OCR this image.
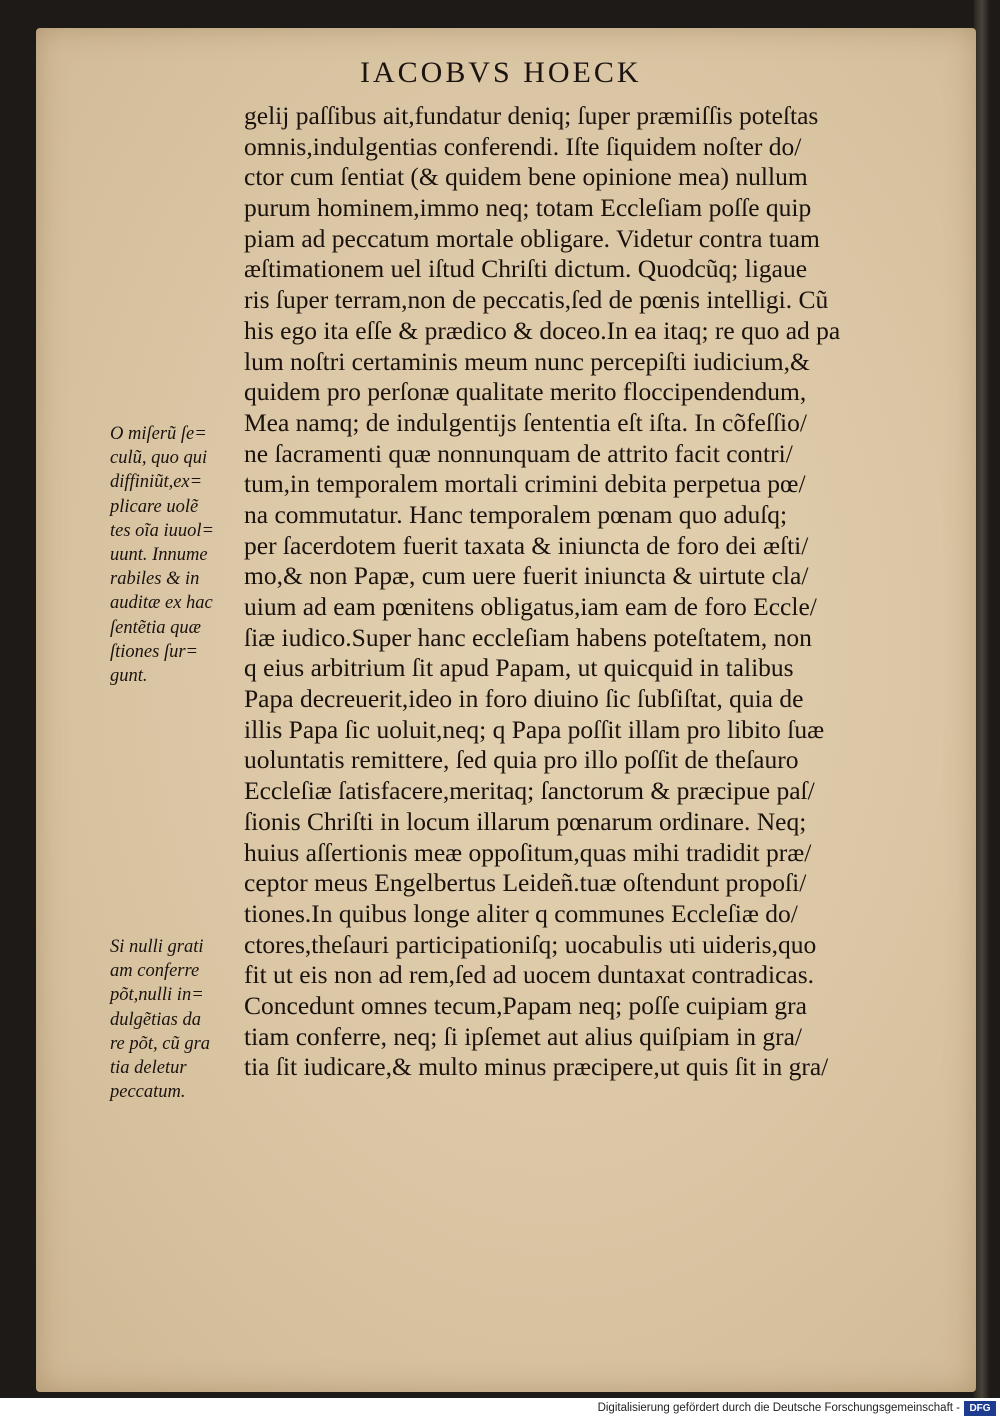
IACOBVS HOECK
gelij paſſibus ait,fundatur deniq; ſuper præmiſſis poteſtas
omnis,indulgentias conferendi. Iſte ſiquidem noſter do/
ctor cum ſentiat (& quidem bene opinione mea) nullum
purum hominem,immo neq; totam Eccleſiam poſſe quip
piam ad peccatum mortale obligare. Videtur contra tuam
æſtimationem uel iſtud Chriſti dictum. Quodcũq; ligaue
ris ſuper terram,non de peccatis,ſed de pœnis intelligi. Cũ
his ego ita eſſe & prædico & doceo.In ea itaq; re quo ad pa
lum noſtri certaminis meum nunc percepiſti iudicium,&
quidem pro perſonæ qualitate merito floccipendendum,
Mea namq; de indulgentijs ſententia eſt iſta. In cõfeſſio/
ne ſacramenti quæ nonnunquam de attrito facit contri/
tum,in temporalem mortali crimini debita perpetua pœ/
na commutatur. Hanc temporalem pœnam quo aduſq;
per ſacerdotem fuerit taxata & iniuncta de foro dei æſti/
mo,& non Papæ, cum uere fuerit iniuncta & uirtute cla/
uium ad eam pœnitens obligatus,iam eam de foro Eccle/
ſiæ iudico.Super hanc eccleſiam habens poteſtatem, non
q eius arbitrium ſit apud Papam, ut quicquid in talibus
Papa decreuerit,ideo in foro diuino ſic ſubſiſtat, quia de
illis Papa ſic uoluit,neq; q Papa poſſit illam pro libito ſuæ
uoluntatis remittere, ſed quia pro illo poſſit de theſauro
Eccleſiæ ſatisfacere,meritaq; ſanctorum & præcipue paſ/
ſionis Chriſti in locum illarum pœnarum ordinare. Neq;
huius aſſertionis meæ oppoſitum,quas mihi tradidit præ/
ceptor meus Engelbertus Leideñ.tuæ oſtendunt propoſi/
tiones.In quibus longe aliter q communes Eccleſiæ do/
ctores,theſauri participationiſq; uocabulis uti uideris,quo
fit ut eis non ad rem,ſed ad uocem duntaxat contradicas.
Concedunt omnes tecum,Papam neq; poſſe cuipiam gra
tiam conferre, neq; ſi ipſemet aut alius quiſpiam in gra/
tia ſit iudicare,& multo minus præcipere,ut quis ſit in gra/
O miſerũ ſe=
culũ, quo qui
diffiniũt,ex=
plicare uolẽ
tes oĩa iuuol=
uunt. Innume
rabiles & in
auditæ ex hac
ſentẽtia quæ
ſtiones ſur=
gunt.
Si nulli grati
am conferre
põt,nulli in=
dulgẽtias da
re põt, cũ gra
tia deletur
peccatum.
Digitalisierung gefördert durch die Deutsche Forschungsgemeinschaft - DFG
